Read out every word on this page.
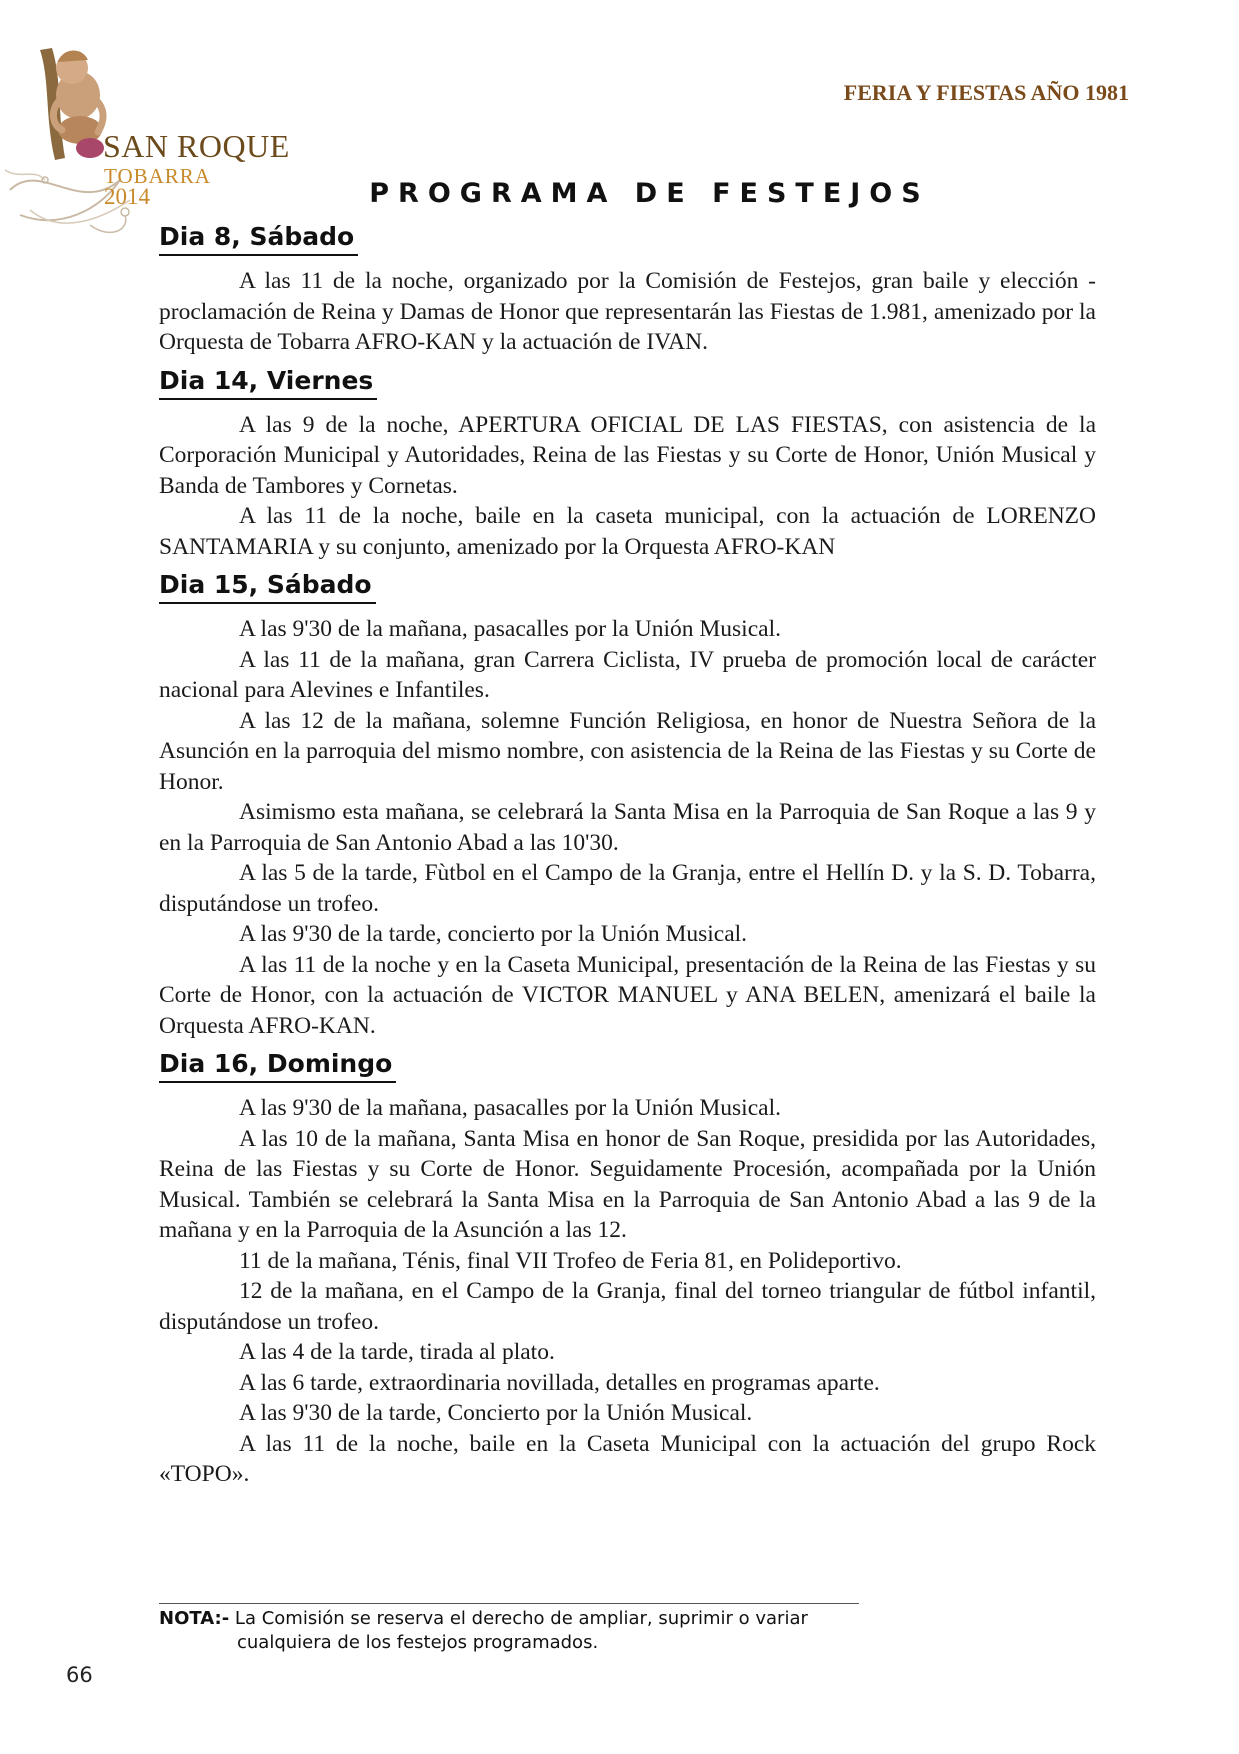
SAN ROQUE
TOBARRA
2014
FERIA Y FIESTAS AÑO 1981
PROGRAMA DE FESTEJOS
Dia 8, Sábado

A las 11 de la noche, organizado por la Comisión de Festejos, gran baile y elección - proclamación de Reina y Damas de Honor que representarán las Fiestas de 1.981, amenizado por la Orquesta de Tobarra AFRO-KAN y la actuación de IVAN.

Dia 14, Viernes

A las 9 de la noche, APERTURA OFICIAL DE LAS FIESTAS, con asistencia de la Corporación Municipal y Autoridades, Reina de las Fiestas y su Corte de Honor, Unión Musical y Banda de Tambores y Cornetas.

A las 11 de la noche, baile en la caseta municipal, con la actuación de LORENZO SANTAMARIA y su conjunto, amenizado por la Orquesta AFRO-KAN

Dia 15, Sábado

A las 9'30 de la mañana, pasacalles por la Unión Musical.

A las 11 de la mañana, gran Carrera Ciclista, IV prueba de promoción local de carácter nacional para Alevines e Infantiles.

A las 12 de la mañana, solemne Función Religiosa, en honor de Nuestra Señora de la Asunción en la parroquia del mismo nombre, con asistencia de la Reina de las Fiestas y su Corte de Honor.

Asimismo esta mañana, se celebrará la Santa Misa en la Parroquia de San Roque a las 9 y en la Parroquia de San Antonio Abad a las 10'30.

A las 5 de la tarde, Fùtbol en el Campo de la Granja, entre el Hellín D. y la S. D. Tobarra, disputándose un trofeo.

A las 9'30 de la tarde, concierto por la Unión Musical.

A las 11 de la noche y en la Caseta Municipal, presentación de la Reina de las Fiestas y su Corte de Honor, con la actuación de VICTOR MANUEL y ANA BELEN, amenizará el baile la Orquesta AFRO-KAN.

Dia 16, Domingo

A las 9'30 de la mañana, pasacalles por la Unión Musical.

A las 10 de la mañana, Santa Misa en honor de San Roque, presidida por las Autoridades, Reina de las Fiestas y su Corte de Honor. Seguidamente Procesión, acompañada por la Unión Musical. También se celebrará la Santa Misa en la Parroquia de San Antonio Abad a las 9 de la mañana y en la Parroquia de la Asunción a las 12.

11 de la mañana, Ténis, final VII Trofeo de Feria 81, en Polideportivo.

12 de la mañana, en el Campo de la Granja, final del torneo triangular de fútbol infantil, disputándose un trofeo.

A las 4 de la tarde, tirada al plato.

A las 6 tarde, extraordinaria novillada, detalles en programas aparte.

A las 9'30 de la tarde, Concierto por la Unión Musical.

A las 11 de la noche, baile en la Caseta Municipal con la actuación del grupo Rock «TOPO».

NOTA:- La Comisión se reserva el derecho de ampliar, suprimir o variar
cualquiera de los festejos programados.
66
